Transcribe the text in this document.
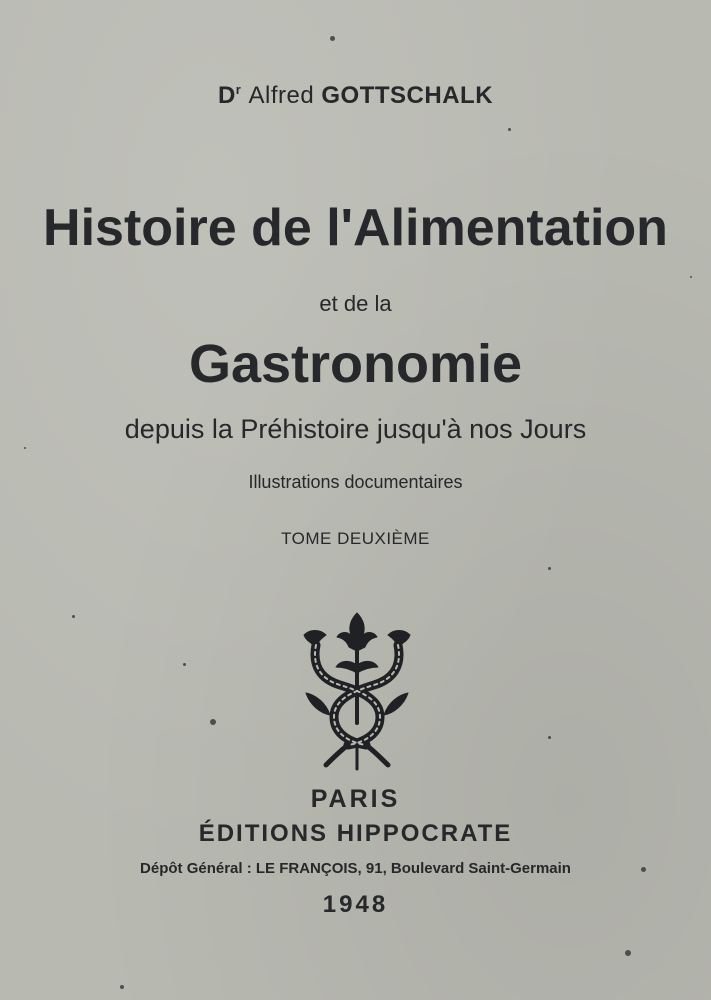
$D^r$ Alfred GOTTSCHALK
Histoire de l'Alimentation
et de la
Gastronomie
depuis la Préhistoire jusqu'à nos Jours
Illustrations documentaires
TOME DEUXIÈME
PARIS
ÉDITIONS HIPPOCRATE
Dépôt Général : LE FRANÇOIS, 91, Boulevard Saint-Germain
1948
